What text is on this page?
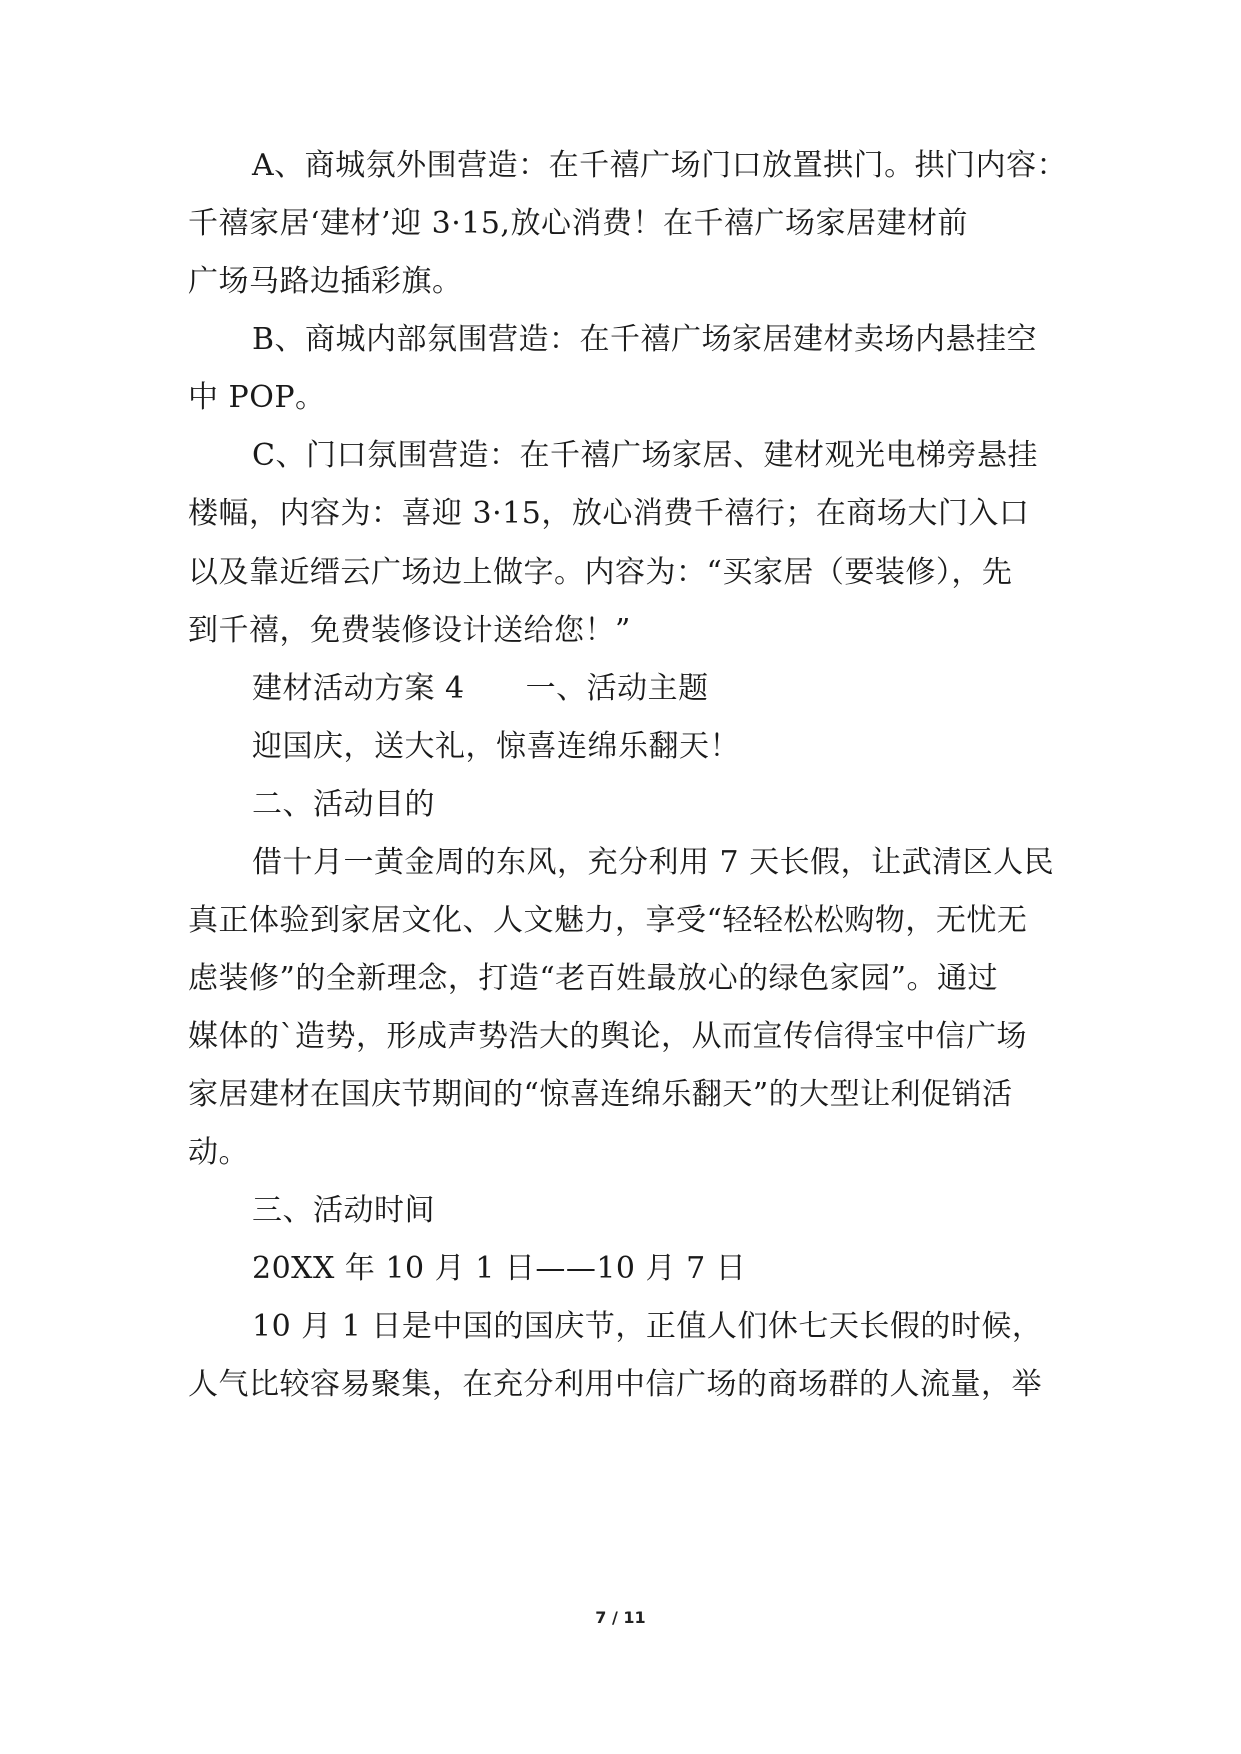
A、商城氛外围营造：在千禧广场门口放置拱门。拱门内容：
千禧家居‘建材’迎 3·15,放心消费！在千禧广场家居建材前
广场马路边插彩旗。
B、商城内部氛围营造：在千禧广场家居建材卖场内悬挂空
中 POP。
C、门口氛围营造：在千禧广场家居、建材观光电梯旁悬挂
楼幅，内容为：喜迎 3·15，放心消费千禧行；在商场大门入口
以及靠近缙云广场边上做字。内容为：“买家居（要装修），先
到千禧，免费装修设计送给您！”
建材活动方案 4　　一、活动主题
迎国庆，送大礼，惊喜连绵乐翻天！
二、活动目的
借十月一黄金周的东风，充分利用 7 天长假，让武清区人民
真正体验到家居文化、人文魅力，享受“轻轻松松购物，无忧无
虑装修”的全新理念，打造“老百姓最放心的绿色家园”。通过
媒体的`造势，形成声势浩大的舆论，从而宣传信得宝中信广场
家居建材在国庆节期间的“惊喜连绵乐翻天”的大型让利促销活
动。
三、活动时间
20XX 年 10 月 1 日——10 月 7 日
10 月 1 日是中国的国庆节，正值人们休七天长假的时候，
人气比较容易聚集，在充分利用中信广场的商场群的人流量，举
7 / 11
